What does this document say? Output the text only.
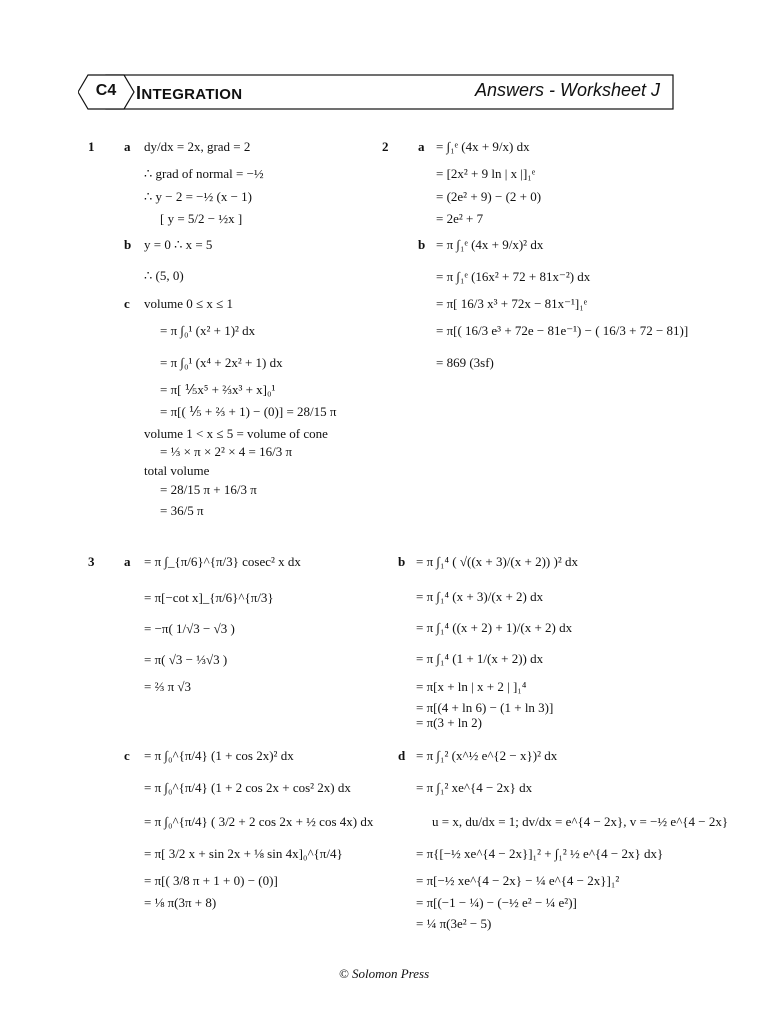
C4	INTEGRATION	Answers - Worksheet J
1 a dy/dx = 2x, grad = 2
∴ grad of normal = −½
∴ y − 2 = −½ (x − 1)
[ y = 5/2 − ½x ]
b y = 0 ∴ x = 5
∴ (5, 0)
c volume 0 ≤ x ≤ 1
= π ∫₀¹ (x² + 1)² dx
= π ∫₀¹ (x⁴ + 2x² + 1) dx
= π[ ⅕x⁵ + ⅔x³ + x]₀¹
= π[( ⅕ + ⅔ + 1) − (0)] = 28/15 π
volume 1 < x ≤ 5 = volume of cone
= ⅓ × π × 2² × 4 = 16/3 π
total volume
= 28/15 π + 16/3 π
= 36/5 π
2 a = ∫₁ᵉ (4x + 9/x) dx
= [2x² + 9 ln | x |]₁ᵉ
= (2e² + 9) − (2 + 0)
= 2e² + 7
b = π ∫₁ᵉ (4x + 9/x)² dx
= π ∫₁ᵉ (16x² + 72 + 81x⁻²) dx
= π[ 16/3 x³ + 72x − 81x⁻¹]₁ᵉ
= π[( 16/3 e³ + 72e − 81e⁻¹) − ( 16/3 + 72 − 81)]
= 869 (3sf)
3 a = π ∫_{π/6}^{π/3} cosec² x dx
= π[−cot x]_{π/6}^{π/3}
= −π( 1/√3 − √3 )
= π( √3 − ⅓√3 )
= ⅔ π √3
b = π ∫₁⁴ ( √((x + 3)/(x + 2)) )² dx
= π ∫₁⁴ (x + 3)/(x + 2) dx
= π ∫₁⁴ ((x + 2) + 1)/(x + 2) dx
= π ∫₁⁴ (1 + 1/(x + 2)) dx
= π[x + ln | x + 2 | ]₁⁴
= π[(4 + ln 6) − (1 + ln 3)]
= π(3 + ln 2)
c = π ∫₀^{π/4} (1 + cos 2x)² dx
= π ∫₀^{π/4} (1 + 2 cos 2x + cos² 2x) dx
= π ∫₀^{π/4} ( 3/2 + 2 cos 2x + ½ cos 4x) dx
= π[ 3/2 x + sin 2x + ⅛ sin 4x]₀^{π/4}
= π[( 3/8 π + 1 + 0) − (0)]
= ⅛ π(3π + 8)
d = π ∫₁² (x^½ e^{2 − x})² dx
= π ∫₁² xe^{4 − 2x} dx
u = x, du/dx = 1; dv/dx = e^{4 − 2x}, v = −½ e^{4 − 2x}
= π{[−½ xe^{4 − 2x}]₁² + ∫₁² ½ e^{4 − 2x} dx}
= π[−½ xe^{4 − 2x} − ¼ e^{4 − 2x}]₁²
= π[(−1 − ¼) − (−½ e² − ¼ e²)]
= ¼ π(3e² − 5)
© Solomon Press
